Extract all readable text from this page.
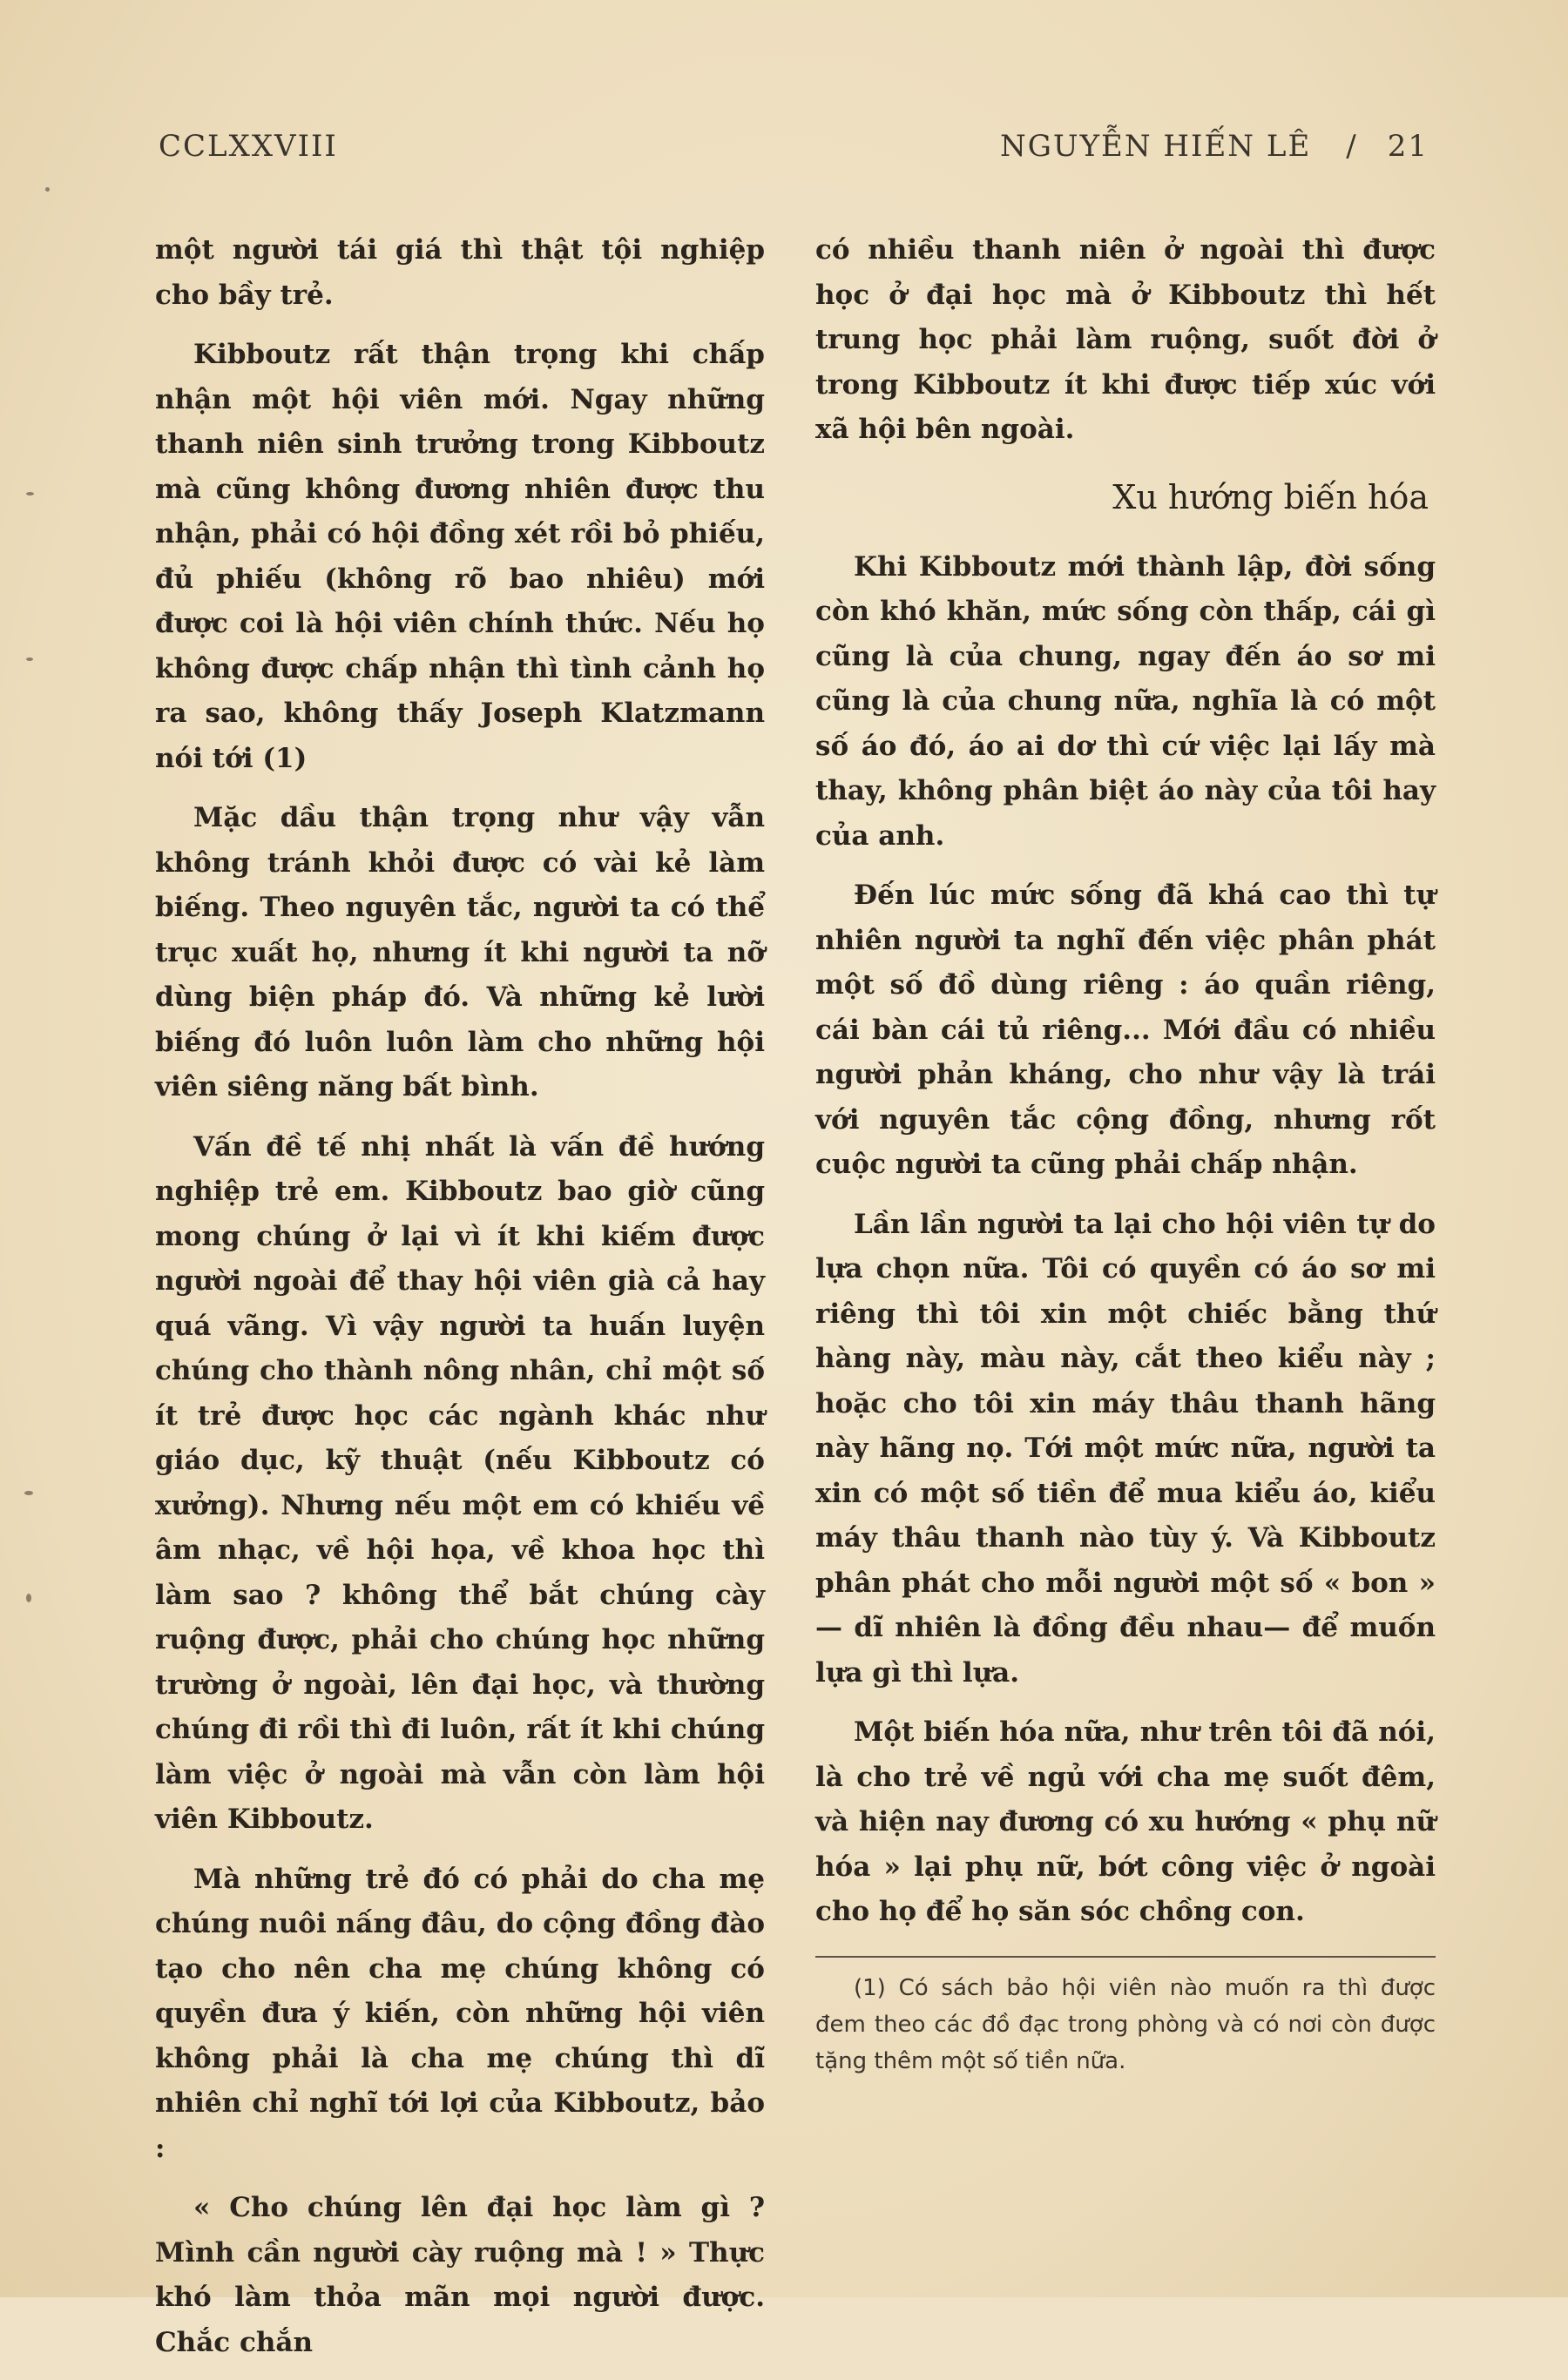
CCLXXVIII	NGUYỄN HIẾN LÊ / 21

một người tái giá thì thật tội nghiệp cho bầy trẻ.

Kibboutz rất thận trọng khi chấp nhận một hội viên mới. Ngay những thanh niên sinh trưởng trong Kibboutz mà cũng không đương nhiên được thu nhận, phải có hội đồng xét rồi bỏ phiếu, đủ phiếu (không rõ bao nhiêu) mới được coi là hội viên chính thức. Nếu họ không được chấp nhận thì tình cảnh họ ra sao, không thấy Joseph Klatzmann nói tới (1)

Mặc dầu thận trọng như vậy vẫn không tránh khỏi được có vài kẻ làm biếng. Theo nguyên tắc, người ta có thể trục xuất họ, nhưng ít khi người ta nỡ dùng biện pháp đó. Và những kẻ lười biếng đó luôn luôn làm cho những hội viên siêng năng bất bình.

Vấn đề tế nhị nhất là vấn đề hướng nghiệp trẻ em. Kibboutz bao giờ cũng mong chúng ở lại vì ít khi kiếm được người ngoài để thay hội viên già cả hay quá vãng. Vì vậy người ta huấn luyện chúng cho thành nông nhân, chỉ một số ít trẻ được học các ngành khác như giáo dục, kỹ thuật (nếu Kibboutz có xưởng). Nhưng nếu một em có khiếu về âm nhạc, về hội họa, về khoa học thì làm sao ? không thể bắt chúng cày ruộng được, phải cho chúng học những trường ở ngoài, lên đại học, và thường chúng đi rồi thì đi luôn, rất ít khi chúng làm việc ở ngoài mà vẫn còn làm hội viên Kibboutz.

Mà những trẻ đó có phải do cha mẹ chúng nuôi nấng đâu, do cộng đồng đào tạo cho nên cha mẹ chúng không có quyền đưa ý kiến, còn những hội viên không phải là cha mẹ chúng thì dĩ nhiên chỉ nghĩ tới lợi của Kibboutz, bảo :

« Cho chúng lên đại học làm gì ? Mình cần người cày ruộng mà ! » Thực khó làm thỏa mãn mọi người được. Chắc chắn

có nhiều thanh niên ở ngoài thì được học ở đại học mà ở Kibboutz thì hết trung học phải làm ruộng, suốt đời ở trong Kibboutz ít khi được tiếp xúc với xã hội bên ngoài.

Xu hướng biến hóa

Khi Kibboutz mới thành lập, đời sống còn khó khăn, mức sống còn thấp, cái gì cũng là của chung, ngay đến áo sơ mi cũng là của chung nữa, nghĩa là có một số áo đó, áo ai dơ thì cứ việc lại lấy mà thay, không phân biệt áo này của tôi hay của anh.

Đến lúc mức sống đã khá cao thì tự nhiên người ta nghĩ đến việc phân phát một số đồ dùng riêng : áo quần riêng, cái bàn cái tủ riêng... Mới đầu có nhiều người phản kháng, cho như vậy là trái với nguyên tắc cộng đồng, nhưng rốt cuộc người ta cũng phải chấp nhận.

Lần lần người ta lại cho hội viên tự do lựa chọn nữa. Tôi có quyền có áo sơ mi riêng thì tôi xin một chiếc bằng thứ hàng này, màu này, cắt theo kiểu này ; hoặc cho tôi xin máy thâu thanh hãng này hãng nọ. Tới một mức nữa, người ta xin có một số tiền để mua kiểu áo, kiểu máy thâu thanh nào tùy ý. Và Kibboutz phân phát cho mỗi người một số « bon » — dĩ nhiên là đồng đều nhau— để muốn lựa gì thì lựa.

Một biến hóa nữa, như trên tôi đã nói, là cho trẻ về ngủ với cha mẹ suốt đêm, và hiện nay đương có xu hướng « phụ nữ hóa » lại phụ nữ, bớt công việc ở ngoài cho họ để họ săn sóc chồng con.

(1) Có sách bảo hội viên nào muốn ra thì được đem theo các đồ đạc trong phòng và có nơi còn được tặng thêm một số tiền nữa.
